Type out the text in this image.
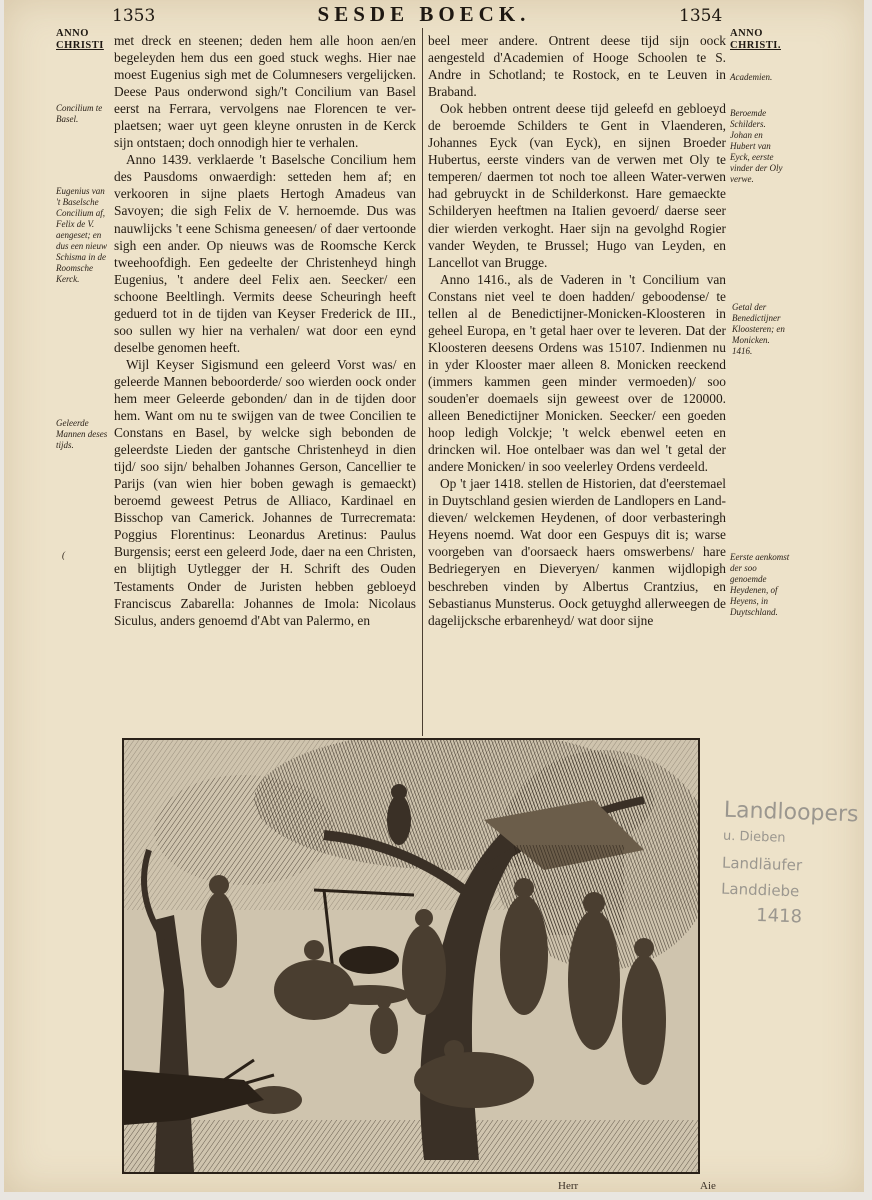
1353	SESDE BOECK.	1354
ANNO
CHRISTI
ANNO
CHRISTI.
Concilium te Basel.
Eugenius van 't Baselsche Concilium af, Felix de V. aengeset; en dus een nieuw Schisma in de Roomsche Kerck.
Geleerde Mannen deses tijds.
(

met dreck en steenen; deden hem alle hoon aen/en begeleyden hem dus een goed stuck weghs. Hier nae moest Eugenius sigh met de Columnesers vergelijcken. Deese Paus onderwond sigh/'t Concilium van Basel eerst na Ferrara, vervolgens nae Florencen te ver-plaetsen; waer uyt geen kleyne onrusten in de Kerck sijn ontstaen; doch onnodigh hier te verhalen.

Anno 1439. verklaerde 't Baselsche Concilium hem des Pausdoms onwaerdigh: setteden hem af; en verkooren in sijne plaets Hertogh Amadeus van Savoyen; die sigh Felix de V. hernoemde. Dus was nauwlijcks 't eene Schisma geneesen/ of daer vertoonde sigh een ander. Op nieuws was de Roomsche Kerck tweehoofdigh. Een gedeelte der Christenheyd hingh Eugenius, 't andere deel Felix aen. Seecker/ een schoone Beeltlingh. Vermits deese Scheuringh heeft geduerd tot in de tijden van Keyser Frederick de III., soo sullen wy hier na verhalen/ wat door een eynd deselbe genomen heeft.

Wijl Keyser Sigismund een geleerd Vorst was/ en geleerde Mannen beboorderde/ soo wierden oock onder hem meer Geleerde gebonden/ dan in de tijden door hem. Want om nu te swijgen van de twee Concilien te Constans en Basel, by welcke sigh bebonden de geleerdste Lieden der gantsche Christenheyd in dien tijd/ soo sijn/ behalben Johannes Gerson, Cancellier te Parijs (van wien hier boben gewagh is gemaeckt) beroemd geweest Petrus de Alliaco, Kardinael en Bisschop van Camerick. Johannes de Turrecremata: Poggius Florentinus: Leonardus Aretinus: Paulus Burgensis; eerst een geleerd Jode, daer na een Christen, en blijtigh Uytlegger der H. Schrift des Ouden Testaments Onder de Juristen hebben gebloeyd Franciscus Zabarella: Johannes de Imola: Nicolaus Siculus, anders genoemd d'Abt van Palermo, en

beel meer andere. Ontrent deese tijd sijn oock aengesteld d'Academien of Hooge Schoolen te S. Andre in Schotland; te Rostock, en te Leuven in Braband.

Ook hebben ontrent deese tijd geleefd en gebloeyd de beroemde Schilders te Gent in Vlaenderen, Johannes Eyck (van Eyck), en sijnen Broeder Hubertus, eerste vinders van de verwen met Oly te temperen/ daermen tot noch toe alleen Water-verwen had gebruyckt in de Schilderkonst. Hare gemaeckte Schilderyen heeftmen na Italien gevoerd/ daerse seer dier wierden verkoght. Haer sijn na gevolghd Rogier vander Weyden, te Brussel; Hugo van Leyden, en Lancellot van Brugge.

Anno 1416., als de Vaderen in 't Concilium van Constans niet veel te doen hadden/ geboodense/ te tellen al de Benedictijner-Monicken-Kloosteren in geheel Europa, en 't getal haer over te leveren. Dat der Kloosteren deesens Ordens was 15107. Indienmen nu in yder Klooster maer alleen 8. Monicken reeckend (immers kammen geen minder vermoeden)/ soo souden'er doemaels sijn geweest over de 120000. alleen Benedictijner Monicken. Seecker/ een goeden hoop ledigh Volckje; 't welck ebenwel eeten en drincken wil. Hoe ontelbaer was dan wel 't getal der andere Monicken/ in soo veelerley Ordens verdeeld.

Op 't jaer 1418. stellen de Historien, dat d'eerstemael in Duytschland gesien wierden de Landlopers en Land-dieven/ welckemen Heydenen, of door verbasteringh Heyens noemd. Wat door een Gespuys dit is; warse voorgeben van d'oorsaeck haers omswerbens/ hare Bedriegeryen en Dieveryen/ kanmen wijdlopigh beschreben vinden by Albertus Crantzius, en Sebastianus Munsterus. Oock getuyghd allerweegen de dagelijcksche erbarenheyd/ wat door sijne

Academien.
Beroemde Schilders. Johan en Hubert van Eyck, eerste vinder der Oly verwe.
Getal der Benedictijner Kloosteren; en Monicken. 1416.
Eerste aenkomst der soo genoemde Heydenen, of Heyens, in Duytschland.
Landloopers
u. Dieben
Landläufer
Landdiebe
1418
Herr	Aie
